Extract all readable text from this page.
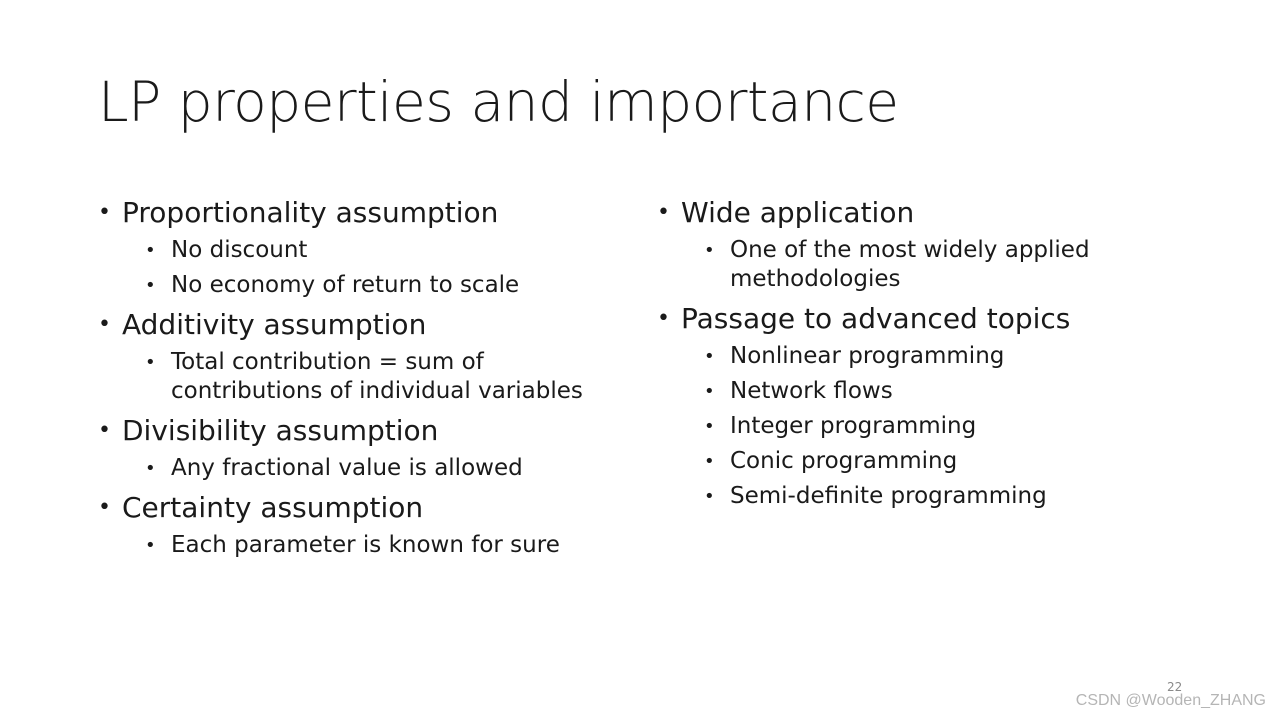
LP properties and importance
• Proportionality assumption
• No discount
• No economy of return to scale
• Additivity assumption
• Total contribution = sum of contributions of individual variables
• Divisibility assumption
• Any fractional value is allowed
• Certainty assumption
• Each parameter is known for sure
• Wide application
• One of the most widely applied methodologies
• Passage to advanced topics
• Nonlinear programming
• Network flows
• Integer programming
• Conic programming
• Semi-definite programming
22
CSDN @Wooden_ZHANG
